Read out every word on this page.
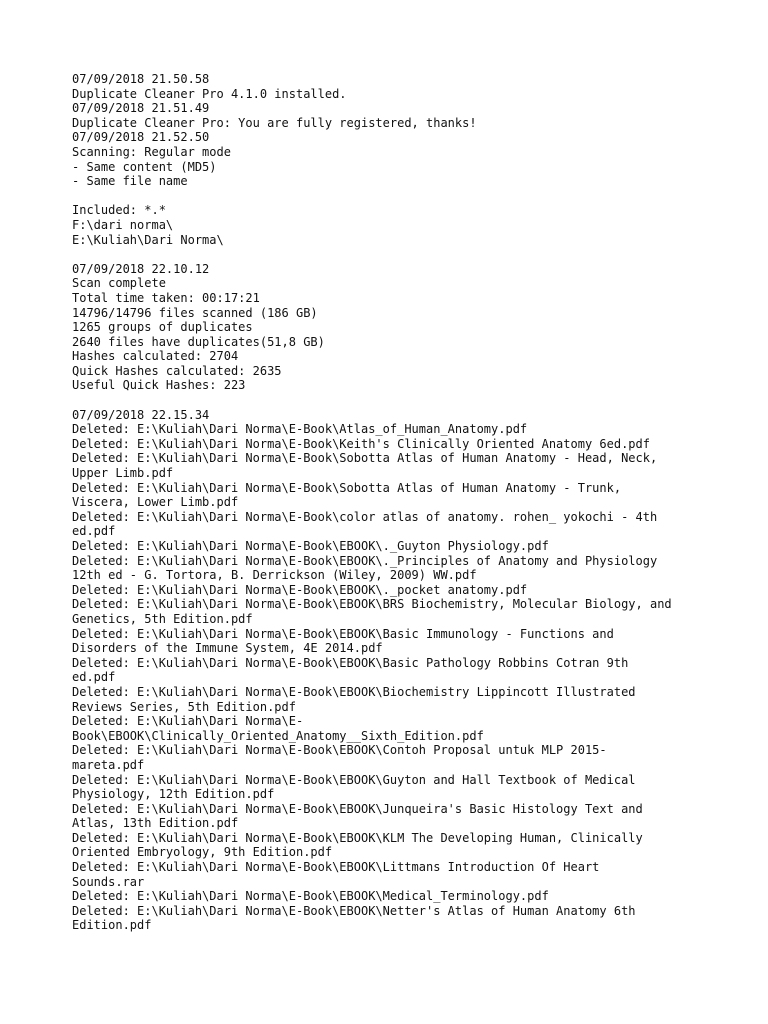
07/09/2018 21.50.58
Duplicate Cleaner Pro 4.1.0 installed.
07/09/2018 21.51.49
Duplicate Cleaner Pro: You are fully registered, thanks!
07/09/2018 21.52.50
Scanning: Regular mode
- Same content (MD5)
- Same file name
Included: *.*
F:\dari norma\
E:\Kuliah\Dari Norma\
07/09/2018 22.10.12
Scan complete
Total time taken: 00:17:21
14796/14796 files scanned (186 GB)
1265 groups of duplicates
2640 files have duplicates(51,8 GB)
Hashes calculated: 2704
Quick Hashes calculated: 2635
Useful Quick Hashes: 223
07/09/2018 22.15.34
Deleted: E:\Kuliah\Dari Norma\E-Book\Atlas_of_Human_Anatomy.pdf
Deleted: E:\Kuliah\Dari Norma\E-Book\Keith's Clinically Oriented Anatomy 6ed.pdf
Deleted: E:\Kuliah\Dari Norma\E-Book\Sobotta Atlas of Human Anatomy - Head, Neck,
Upper Limb.pdf
Deleted: E:\Kuliah\Dari Norma\E-Book\Sobotta Atlas of Human Anatomy - Trunk,
Viscera, Lower Limb.pdf
Deleted: E:\Kuliah\Dari Norma\E-Book\color atlas of anatomy. rohen_ yokochi - 4th
ed.pdf
Deleted: E:\Kuliah\Dari Norma\E-Book\EBOOK\._Guyton Physiology.pdf
Deleted: E:\Kuliah\Dari Norma\E-Book\EBOOK\._Principles of Anatomy and Physiology
12th ed - G. Tortora, B. Derrickson (Wiley, 2009) WW.pdf
Deleted: E:\Kuliah\Dari Norma\E-Book\EBOOK\._pocket anatomy.pdf
Deleted: E:\Kuliah\Dari Norma\E-Book\EBOOK\BRS Biochemistry, Molecular Biology, and
Genetics, 5th Edition.pdf
Deleted: E:\Kuliah\Dari Norma\E-Book\EBOOK\Basic Immunology - Functions and
Disorders of the Immune System, 4E 2014.pdf
Deleted: E:\Kuliah\Dari Norma\E-Book\EBOOK\Basic Pathology Robbins Cotran 9th
ed.pdf
Deleted: E:\Kuliah\Dari Norma\E-Book\EBOOK\Biochemistry Lippincott Illustrated
Reviews Series, 5th Edition.pdf
Deleted: E:\Kuliah\Dari Norma\E-
Book\EBOOK\Clinically_Oriented_Anatomy__Sixth_Edition.pdf
Deleted: E:\Kuliah\Dari Norma\E-Book\EBOOK\Contoh Proposal untuk MLP 2015-
mareta.pdf
Deleted: E:\Kuliah\Dari Norma\E-Book\EBOOK\Guyton and Hall Textbook of Medical
Physiology, 12th Edition.pdf
Deleted: E:\Kuliah\Dari Norma\E-Book\EBOOK\Junqueira's Basic Histology Text and
Atlas, 13th Edition.pdf
Deleted: E:\Kuliah\Dari Norma\E-Book\EBOOK\KLM The Developing Human, Clinically
Oriented Embryology, 9th Edition.pdf
Deleted: E:\Kuliah\Dari Norma\E-Book\EBOOK\Littmans Introduction Of Heart
Sounds.rar
Deleted: E:\Kuliah\Dari Norma\E-Book\EBOOK\Medical_Terminology.pdf
Deleted: E:\Kuliah\Dari Norma\E-Book\EBOOK\Netter's Atlas of Human Anatomy 6th
Edition.pdf
